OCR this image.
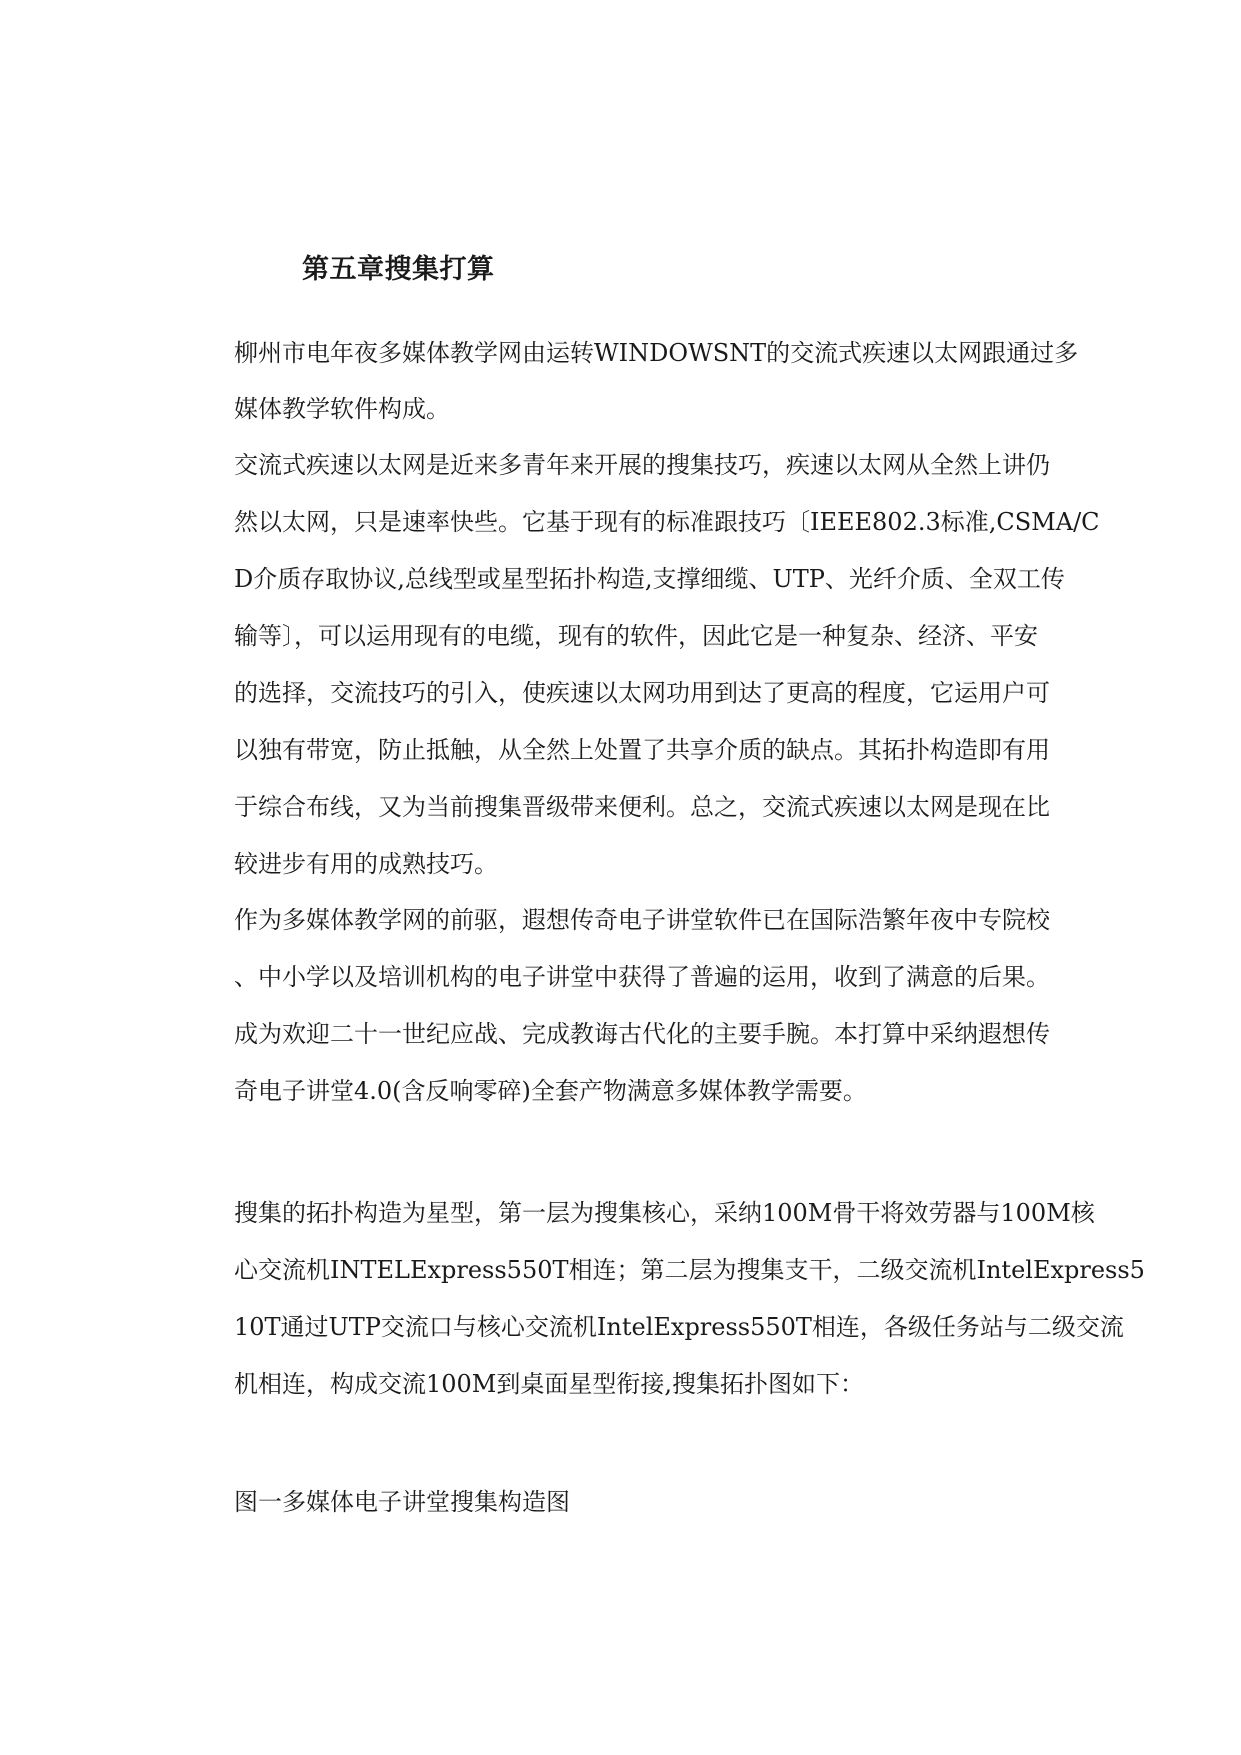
第五章搜集打算
柳州市电年夜多媒体教学网由运转WINDOWSNT的交流式疾速以太网跟通过多
媒体教学软件构成。
交流式疾速以太网是近来多青年来开展的搜集技巧，疾速以太网从全然上讲仍
然以太网，只是速率快些。它基于现有的标准跟技巧〔IEEE802.3标准,CSMA/C
D介质存取协议,总线型或星型拓扑构造,支撑细缆、UTP、光纤介质、全双工传
输等〕，可以运用现有的电缆，现有的软件，因此它是一种复杂、经济、平安
的选择，交流技巧的引入，使疾速以太网功用到达了更高的程度，它运用户可
以独有带宽，防止抵触，从全然上处置了共享介质的缺点。其拓扑构造即有用
于综合布线，又为当前搜集晋级带来便利。总之，交流式疾速以太网是现在比
较进步有用的成熟技巧。
作为多媒体教学网的前驱，遐想传奇电子讲堂软件已在国际浩繁年夜中专院校
、中小学以及培训机构的电子讲堂中获得了普遍的运用，收到了满意的后果。
成为欢迎二十一世纪应战、完成教诲古代化的主要手腕。本打算中采纳遐想传
奇电子讲堂4.0(含反响零碎)全套产物满意多媒体教学需要。
搜集的拓扑构造为星型，第一层为搜集核心，采纳100M骨干将效劳器与100M核
心交流机INTELExpress550T相连；第二层为搜集支干，二级交流机IntelExpress5
10T通过UTP交流口与核心交流机IntelExpress550T相连，各级任务站与二级交流
机相连，构成交流100M到桌面星型衔接,搜集拓扑图如下：
图一多媒体电子讲堂搜集构造图
